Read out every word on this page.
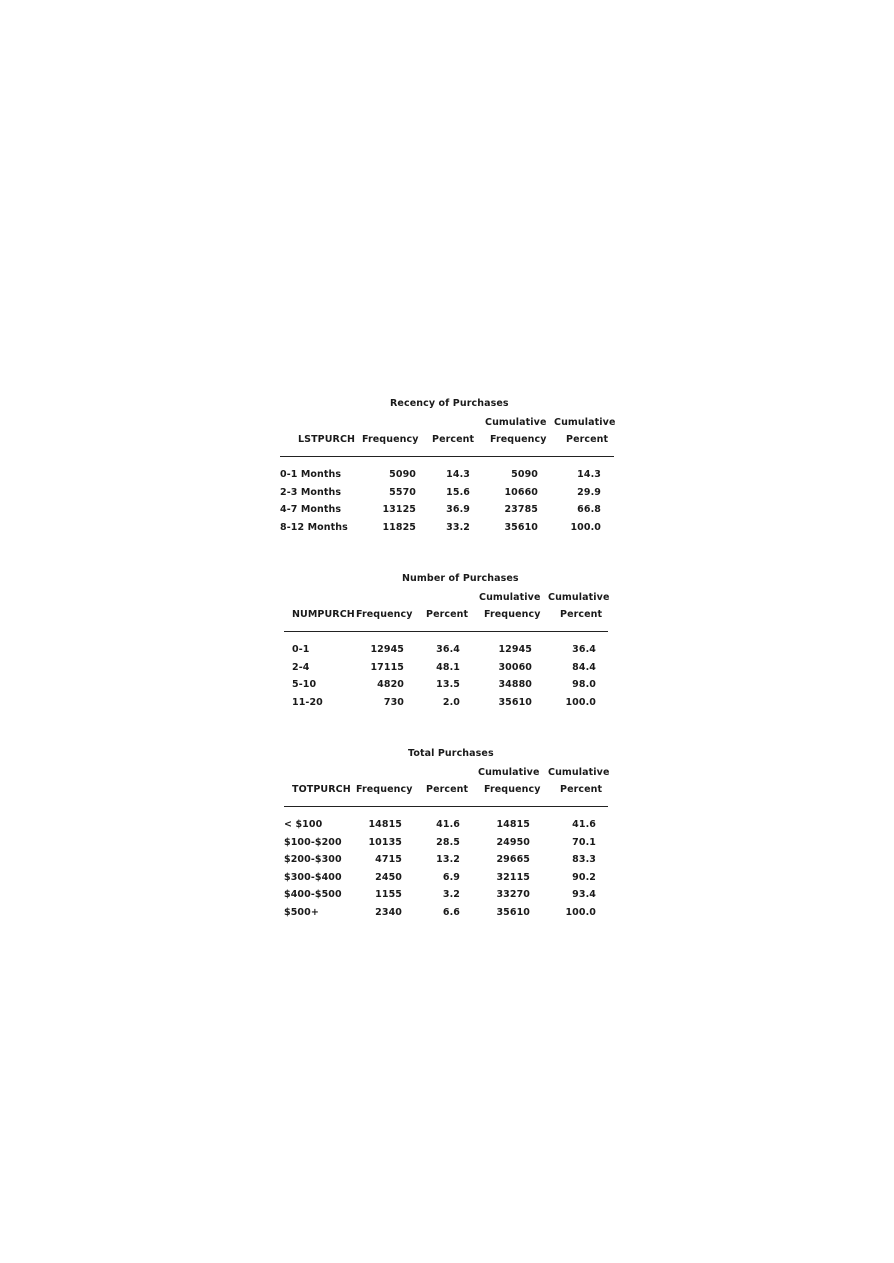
Recency of Purchases
Cumulative Cumulative
LSTPURCH Frequency Percent Frequency Percent
0-1 Months	5090	14.3	5090	14.3
2-3 Months	5570	15.6	10660	29.9
4-7 Months	13125	36.9	23785	66.8
8-12 Months	11825	33.2	35610	100.0
Number of Purchases
Cumulative Cumulative
NUMPURCH Frequency Percent Frequency Percent
0-1	12945	36.4	12945	36.4
2-4	17115	48.1	30060	84.4
5-10	4820	13.5	34880	98.0
11-20	730	2.0	35610	100.0
Total Purchases
Cumulative Cumulative
TOTPURCH Frequency Percent Frequency Percent
< $100	14815	41.6	14815	41.6
$100-$200	10135	28.5	24950	70.1
$200-$300	4715	13.2	29665	83.3
$300-$400	2450	6.9	32115	90.2
$400-$500	1155	3.2	33270	93.4
$500+	2340	6.6	35610	100.0
